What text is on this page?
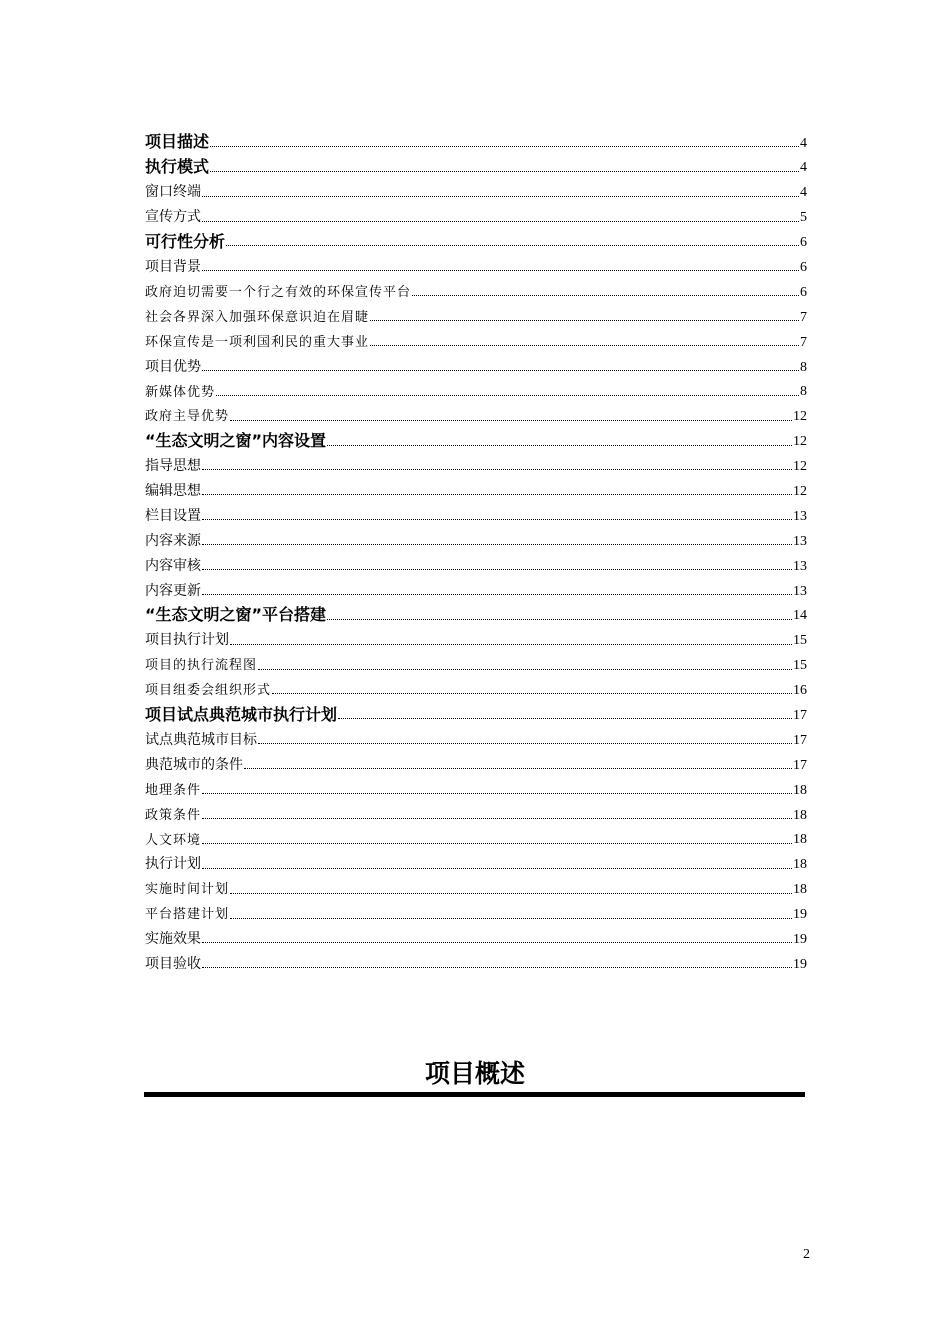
项目描述	4
执行模式	4
窗口终端	4
宣传方式	5
可行性分析	6
项目背景	6
政府迫切需要一个行之有效的环保宣传平台	6
社会各界深入加强环保意识迫在眉睫	7
环保宣传是一项利国利民的重大事业	7
项目优势	8
新媒体优势	8
政府主导优势	12
“生态文明之窗”内容设置	12
指导思想	12
编辑思想	12
栏目设置	13
内容来源	13
内容审核	13
内容更新	13
“生态文明之窗”平台搭建	14
项目执行计划	15
项目的执行流程图	15
项目组委会组织形式	16
项目试点典范城市执行计划	17
试点典范城市目标	17
典范城市的条件	17
地理条件	18
政策条件	18
人文环境	18
执行计划	18
实施时间计划	18
平台搭建计划	19
实施效果	19
项目验收	19
项目概述
2
